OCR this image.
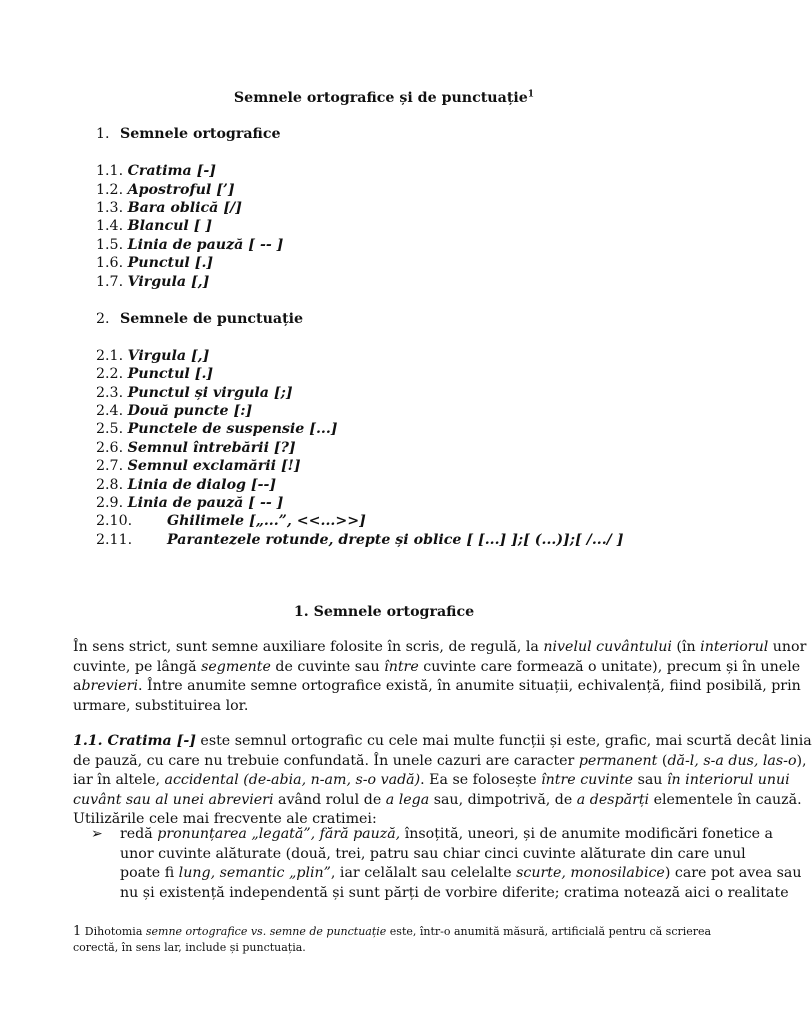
Semnele ortografice și de punctuație$^1$
1. Semnele ortografice
1.1. Cratima [-]
1.2. Apostroful [’]
1.3. Bara oblică [/]
1.4. Blancul [ ]
1.5. Linia de pauză [ -- ]
1.6. Punctul [.]
1.7. Virgula [,]
2. Semnele de punctuație
2.1. Virgula [,]
2.2. Punctul [.]
2.3. Punctul și virgula [;]
2.4. Două puncte [:]
2.5. Punctele de suspensie [...]
2.6. Semnul întrebării [?]
2.7. Semnul exclamării [!]
2.8. Linia de dialog [--]
2.9. Linia de pauză [ -- ]
2.10. Ghilimele [„...”, <<...>>]
2.11. Parantezele rotunde, drepte și oblice [ [...] ];[ (...)];[ /.../ ]
1. Semnele ortografice
În sens strict, sunt semne auxiliare folosite în scris, de regulă, la nivelul cuvântului (în interiorul unor
cuvinte, pe lângă segmente de cuvinte sau între cuvinte care formează o unitate), precum și în unele
abrevieri. Între anumite semne ortografice există, în anumite situații, echivalență, fiind posibilă, prin
urmare, substituirea lor.
1.1. Cratima [-] este semnul ortografic cu cele mai multe funcții și este, grafic, mai scurtă decât linia
de pauză, cu care nu trebuie confundată. În unele cazuri are caracter permanent (dă-l, s-a dus, las-o),
iar în altele, accidental (de-abia, n-am, s-o vadă). Ea se folosește între cuvinte sau în interiorul unui
cuvânt sau al unei abrevieri având rolul de a lega sau, dimpotrivă, de a despărți elementele în cauză.
Utilizările cele mai frecvente ale cratimei:
➢ redă pronunțarea „legată”, fără pauză, însoțită, uneori, și de anumite modificări fonetice a
unor cuvinte alăturate (două, trei, patru sau chiar cinci cuvinte alăturate din care unul
poate fi lung, semantic „plin”, iar celălalt sau celelalte scurte, monosilabice) care pot avea sau
nu și existență independentă și sunt părți de vorbire diferite; cratima notează aici o realitate
1 Dihotomia semne ortografice vs. semne de punctuație este, într-o anumită măsură, artificială pentru că scrierea
corectă, în sens lar, include și punctuația.
